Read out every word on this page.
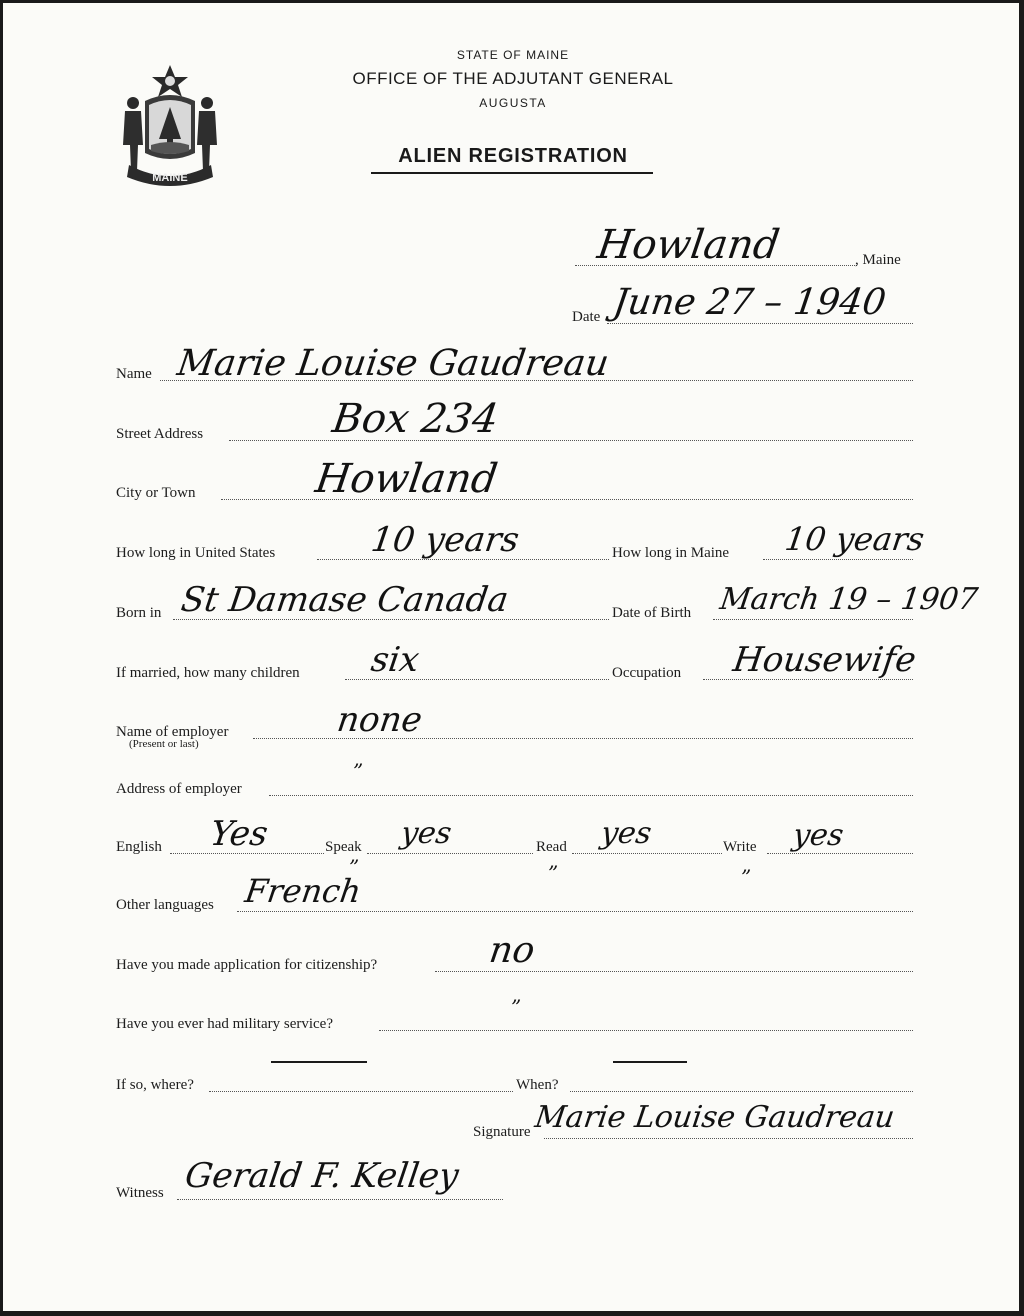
MAINE
STATE OF MAINE
OFFICE OF THE ADJUTANT GENERAL
AUGUSTA
ALIEN REGISTRATION
, Maine
Howland
Date June 27 – 1940
Name Marie Louise Gaudreau
Street Address	Box 234
City or Town	Howland
How long in United States	10 years	How long in Maine 10 years
Born in St Damase Canada	Date of Birth March 19 – 1907
If married, how many children six	Occupation Housewife
Name of employer
(Present or last)
none
Address of employer
”
English Yes	Speak yes	Read yes	Write yes
”	”	”
Other languages French
Have you made application for citizenship?	no
Have you ever had military service?
”
If so, where?	When?
Signature Marie Louise Gaudreau
Witness Gerald F. Kelley
